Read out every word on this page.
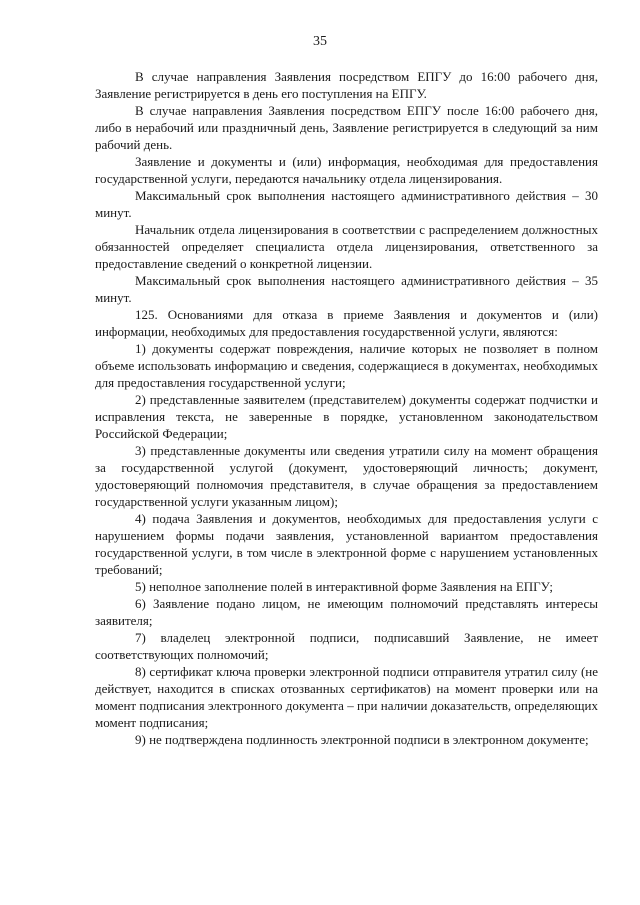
35

В случае направления Заявления посредством ЕПГУ до 16:00 рабочего дня, Заявление регистрируется в день его поступления на ЕПГУ.

В случае направления Заявления посредством ЕПГУ после 16:00 рабочего дня, либо в нерабочий или праздничный день, Заявление регистрируется в следующий за ним рабочий день.

Заявление и документы и (или) информация, необходимая для предоставления государственной услуги, передаются начальнику отдела лицензирования.

Максимальный срок выполнения настоящего административного действия – 30 минут.

Начальник отдела лицензирования в соответствии с распределением должностных обязанностей определяет специалиста отдела лицензирования, ответственного за предоставление сведений о конкретной лицензии.

Максимальный срок выполнения настоящего административного действия – 35 минут.

125. Основаниями для отказа в приеме Заявления и документов и (или) информации, необходимых для предоставления государственной услуги, являются:

1) документы содержат повреждения, наличие которых не позволяет в полном объеме использовать информацию и сведения, содержащиеся в документах, необходимых для предоставления государственной услуги;

2) представленные заявителем (представителем) документы содержат подчистки и исправления текста, не заверенные в порядке, установленном законодательством Российской Федерации;

3) представленные документы или сведения утратили силу на момент обращения за государственной услугой (документ, удостоверяющий личность; документ, удостоверяющий полномочия представителя, в случае обращения за предоставлением государственной услуги указанным лицом);

4) подача Заявления и документов, необходимых для предоставления услуги с нарушением формы подачи заявления, установленной вариантом предоставления государственной услуги, в том числе в электронной форме с нарушением установленных требований;

5) неполное заполнение полей в интерактивной форме Заявления на ЕПГУ;

6) Заявление подано лицом, не имеющим полномочий представлять интересы заявителя;

7) владелец электронной подписи, подписавший Заявление, не имеет соответствующих полномочий;

8) сертификат ключа проверки электронной подписи отправителя утратил силу (не действует, находится в списках отозванных сертификатов) на момент проверки или на момент подписания электронного документа – при наличии доказательств, определяющих момент подписания;

9) не подтверждена подлинность электронной подписи в электронном документе;
